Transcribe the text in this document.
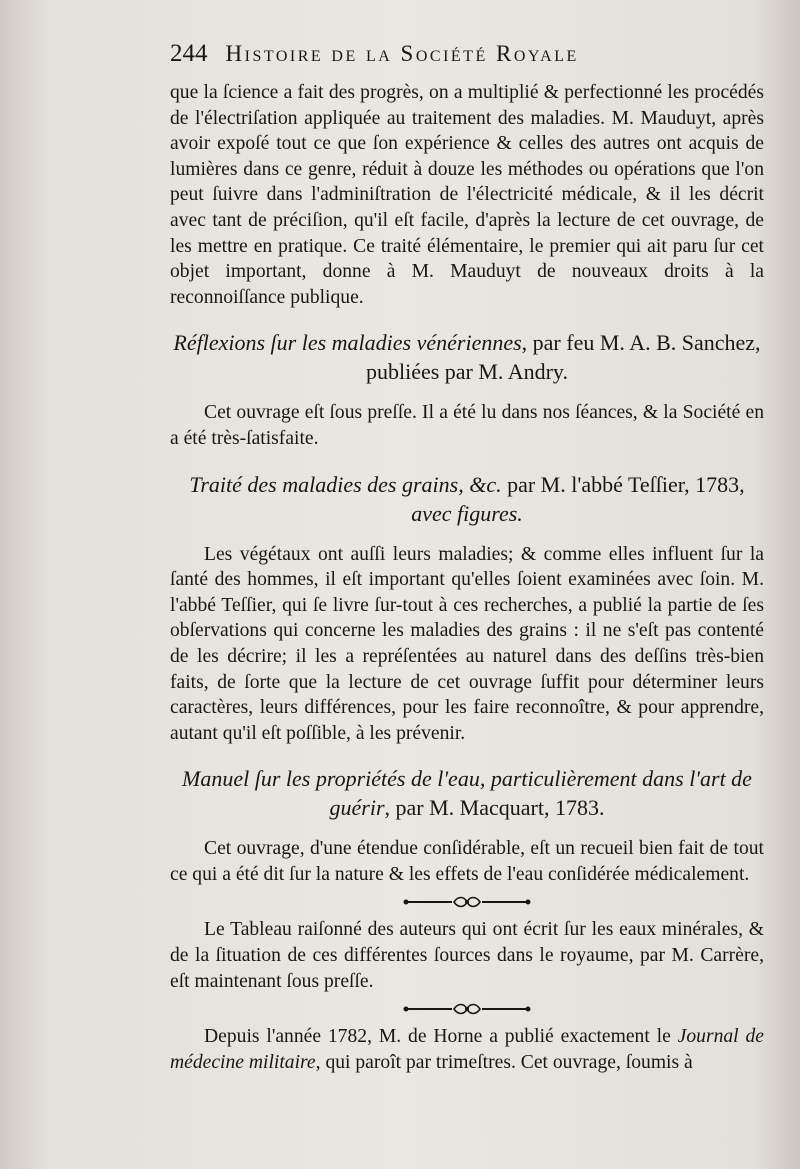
244 Histoire de la Société Royale

que la ſcience a fait des progrès, on a multiplié & perfectionné les procédés de l'électriſation appliquée au traitement des maladies. M. Mauduyt, après avoir expoſé tout ce que ſon expérience & celles des autres ont acquis de lumières dans ce genre, réduit à douze les méthodes ou opérations que l'on peut ſuivre dans l'adminiſtration de l'électricité médicale, & il les décrit avec tant de préciſion, qu'il eſt facile, d'après la lecture de cet ouvrage, de les mettre en pratique. Ce traité élémentaire, le premier qui ait paru ſur cet objet important, donne à M. Mauduyt de nouveaux droits à la reconnoiſſance publique.

Réflexions ſur les maladies vénériennes, par feu M. A. B. Sanchez, publiées par M. Andry.

Cet ouvrage eſt ſous preſſe. Il a été lu dans nos ſéances, & la Société en a été très-ſatisfaite.

Traité des maladies des grains, &c. par M. l'abbé Teſſier, 1783, avec figures.

Les végétaux ont auſſi leurs maladies; & comme elles influent ſur la ſanté des hommes, il eſt important qu'elles ſoient examinées avec ſoin. M. l'abbé Teſſier, qui ſe livre ſur-tout à ces recherches, a publié la partie de ſes obſervations qui concerne les maladies des grains : il ne s'eſt pas contenté de les décrire; il les a repréſentées au naturel dans des deſſins très-bien faits, de ſorte que la lecture de cet ouvrage ſuffit pour déterminer leurs caractères, leurs différences, pour les faire reconnoître, & pour apprendre, autant qu'il eſt poſſible, à les prévenir.

Manuel ſur les propriétés de l'eau, particulièrement dans l'art de guérir, par M. Macquart, 1783.

Cet ouvrage, d'une étendue conſidérable, eſt un recueil bien fait de tout ce qui a été dit ſur la nature & les effets de l'eau conſidérée médicalement.

Le Tableau raiſonné des auteurs qui ont écrit ſur les eaux minérales, & de la ſituation de ces différentes ſources dans le royaume, par M. Carrère, eſt maintenant ſous preſſe.

Depuis l'année 1782, M. de Horne a publié exactement le Journal de médecine militaire, qui paroît par trimeſtres. Cet ouvrage, ſoumis à
